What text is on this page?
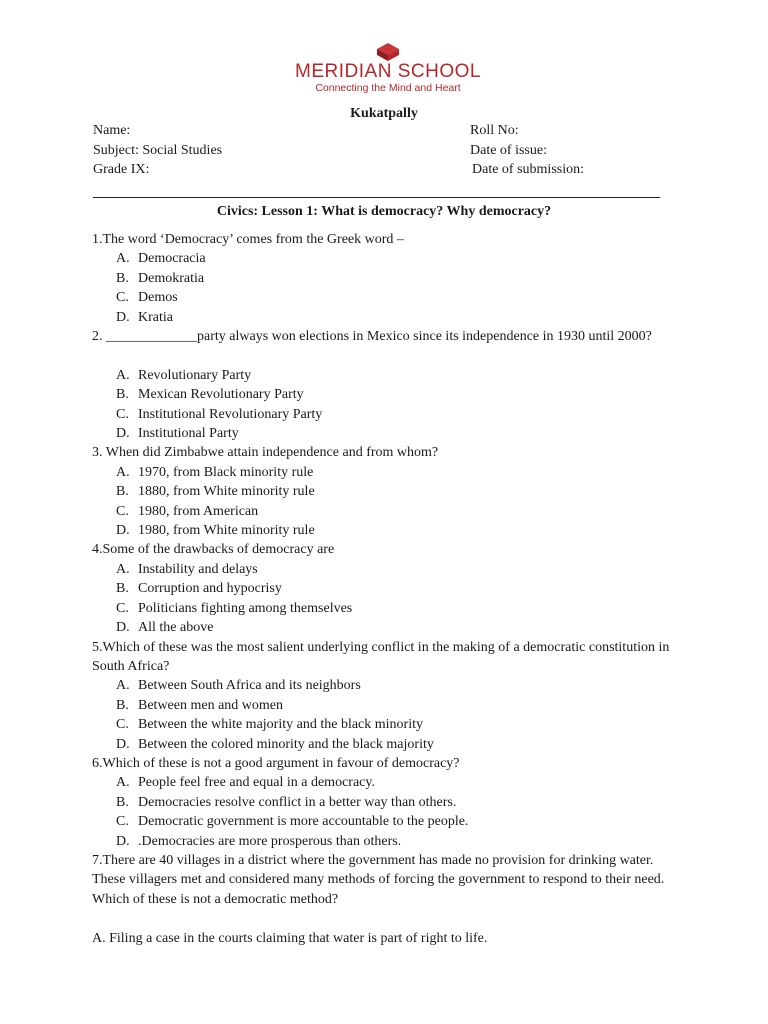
MERIDIAN SCHOOL
Connecting the Mind and Heart
Kukatpally
Name:	Roll No:
Subject: Social Studies	Date of issue:
Grade IX:	Date of submission:
Civics: Lesson 1: What is democracy? Why democracy?

1.The word ‘Democracy’ comes from the Greek word –

A. Democracia
B. Demokratia
C. Demos
D. Kratia

2. _____________party always won elections in Mexico since its independence in 1930 until 2000?

A. Revolutionary Party
B. Mexican Revolutionary Party
C. Institutional Revolutionary Party
D. Institutional Party

3. When did Zimbabwe attain independence and from whom?

A. 1970, from Black minority rule
B. 1880, from White minority rule
C. 1980, from American
D. 1980, from White minority rule

4.Some of the drawbacks of democracy are

A. Instability and delays
B. Corruption and hypocrisy
C. Politicians fighting among themselves
D. All the above

5.Which of these was the most salient underlying conflict in the making of a democratic constitution in South Africa?

A. Between South Africa and its neighbors
B. Between men and women
C. Between the white majority and the black minority
D. Between the colored minority and the black majority

6.Which of these is not a good argument in favour of democracy?

A. People feel free and equal in a democracy.
B. Democracies resolve conflict in a better way than others.
C. Democratic government is more accountable to the people.
D. .Democracies are more prosperous than others.

7.There are 40 villages in a district where the government has made no provision for drinking water. These villagers met and considered many methods of forcing the government to respond to their need. Which of these is not a democratic method?

A. Filing a case in the courts claiming that water is part of right to life.
